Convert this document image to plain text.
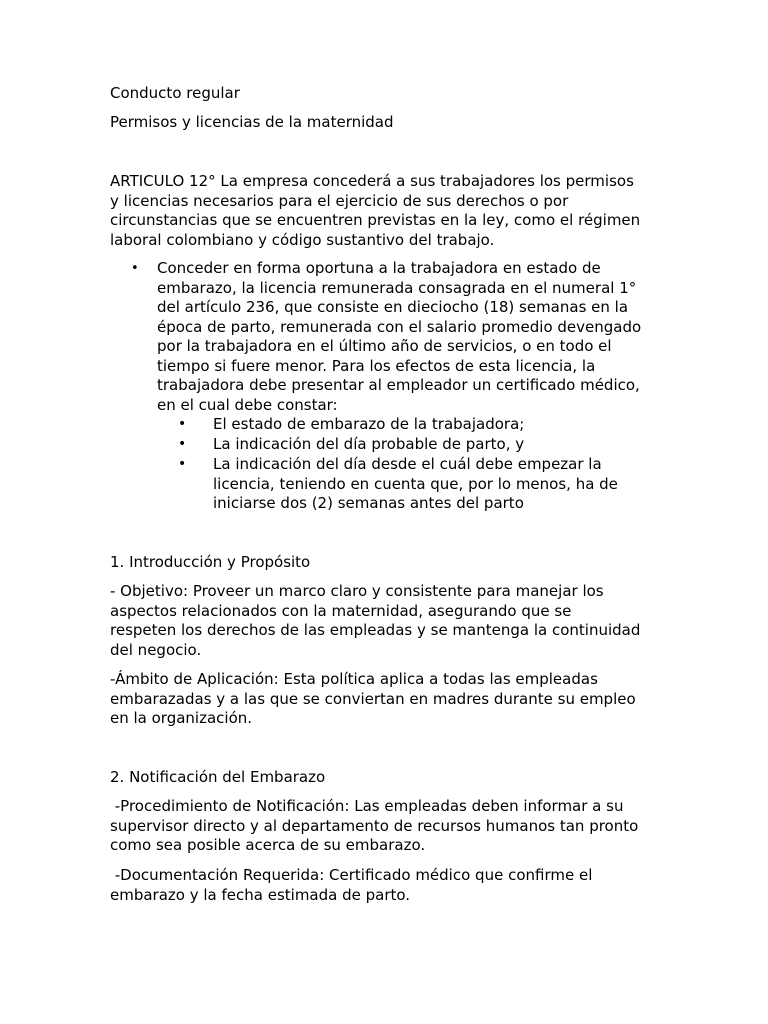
Conducto regular

Permisos y licencias de la maternidad

ARTICULO 12° La empresa concederá a sus trabajadores los permisos
y licencias necesarios para el ejercicio de sus derechos o por
circunstancias que se encuentren previstas en la ley, como el régimen
laboral colombiano y código sustantivo del trabajo.
• Conceder en forma oportuna a la trabajadora en estado de
embarazo, la licencia remunerada consagrada en el numeral 1°
del artículo 236, que consiste en dieciocho (18) semanas en la
época de parto, remunerada con el salario promedio devengado
por la trabajadora en el último año de servicios, o en todo el
tiempo si fuere menor. Para los efectos de esta licencia, la
trabajadora debe presentar al empleador un certificado médico,
en el cual debe constar:
• El estado de embarazo de la trabajadora;
• La indicación del día probable de parto, y
• La indicación del día desde el cuál debe empezar la
licencia, teniendo en cuenta que, por lo menos, ha de
iniciarse dos (2) semanas antes del parto

1. Introducción y Propósito

- Objetivo: Proveer un marco claro y consistente para manejar los
aspectos relacionados con la maternidad, asegurando que se
respeten los derechos de las empleadas y se mantenga la continuidad
del negocio.
-Ámbito de Aplicación: Esta política aplica a todas las empleadas
embarazadas y a las que se conviertan en madres durante su empleo
en la organización.

2. Notificación del Embarazo

-Procedimiento de Notificación: Las empleadas deben informar a su
supervisor directo y al departamento de recursos humanos tan pronto
como sea posible acerca de su embarazo.
-Documentación Requerida: Certificado médico que confirme el
embarazo y la fecha estimada de parto.
